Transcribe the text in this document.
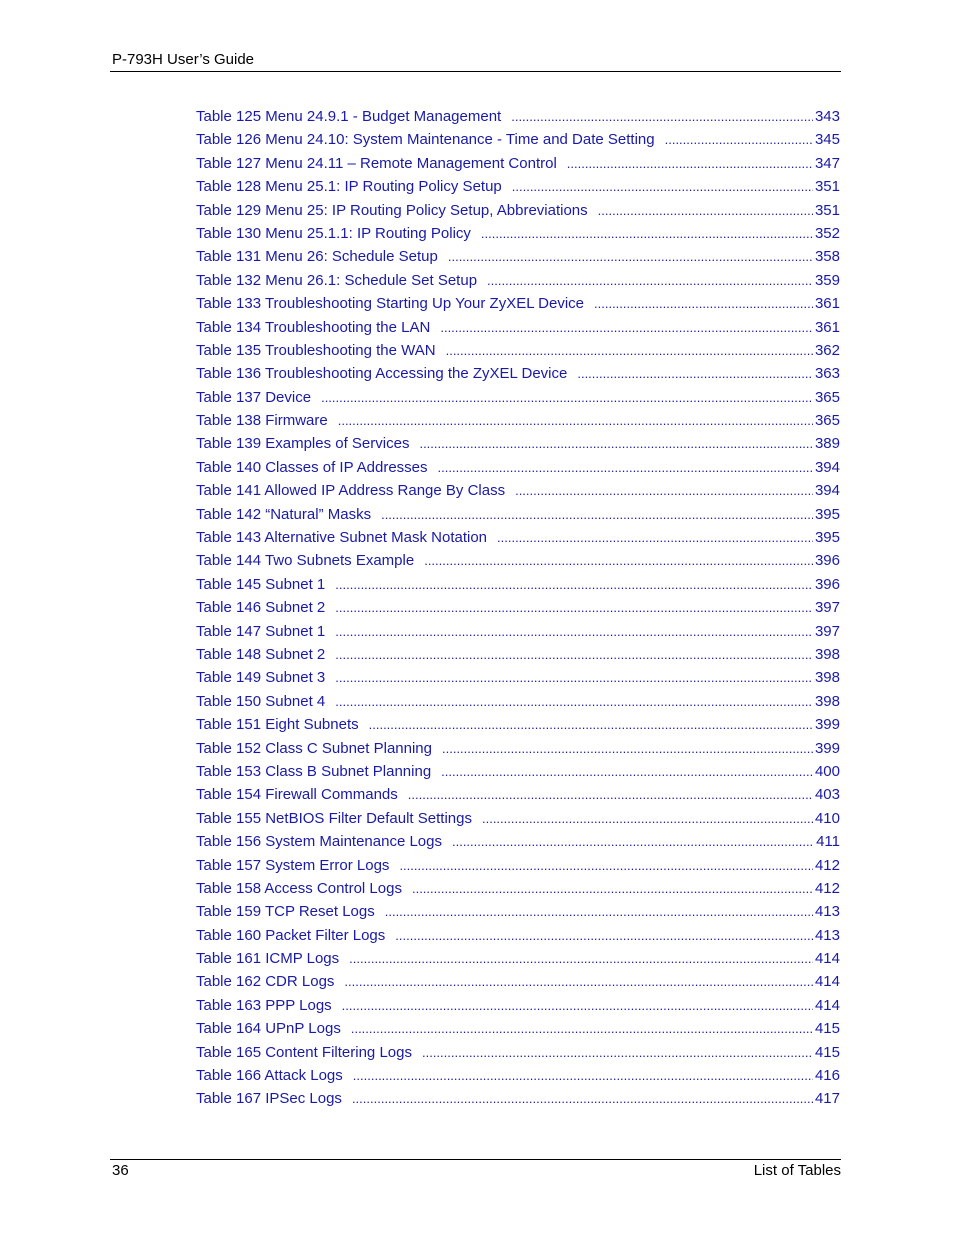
P-793H User’s Guide
Table 125 Menu 24.9.1 - Budget Management .....	343
Table 126 Menu 24.10: System Maintenance - Time and Date Setting .....	345
Table 127 Menu 24.11 – Remote Management Control .....	347
Table 128 Menu 25.1: IP Routing Policy Setup .....	351
Table 129 Menu 25: IP Routing Policy Setup, Abbreviations .....	351
Table 130 Menu 25.1.1: IP Routing Policy .....	352
Table 131 Menu 26: Schedule Setup .....	358
Table 132 Menu 26.1: Schedule Set Setup .....	359
Table 133 Troubleshooting Starting Up Your ZyXEL Device .....	361
Table 134 Troubleshooting the LAN .....	361
Table 135 Troubleshooting the WAN .....	362
Table 136 Troubleshooting Accessing the ZyXEL Device .....	363
Table 137 Device .....	365
Table 138 Firmware .....	365
Table 139 Examples of Services .....	389
Table 140 Classes of IP Addresses .....	394
Table 141 Allowed IP Address Range By Class .....	394
Table 142 “Natural” Masks .....	395
Table 143 Alternative Subnet Mask Notation .....	395
Table 144 Two Subnets Example .....	396
Table 145 Subnet 1 .....	396
Table 146 Subnet 2 .....	397
Table 147 Subnet 1 .....	397
Table 148 Subnet 2 .....	398
Table 149 Subnet 3 .....	398
Table 150 Subnet 4 .....	398
Table 151 Eight Subnets .....	399
Table 152 Class C Subnet Planning .....	399
Table 153 Class B Subnet Planning .....	400
Table 154 Firewall Commands .....	403
Table 155 NetBIOS Filter Default Settings .....	410
Table 156 System Maintenance Logs .....	411
Table 157 System Error Logs .....	412
Table 158 Access Control Logs .....	412
Table 159 TCP Reset Logs .....	413
Table 160 Packet Filter Logs .....	413
Table 161 ICMP Logs .....	414
Table 162 CDR Logs .....	414
Table 163 PPP Logs .....	414
Table 164 UPnP Logs .....	415
Table 165 Content Filtering Logs .....	415
Table 166 Attack Logs .....	416
Table 167 IPSec Logs .....	417
36	List of Tables
